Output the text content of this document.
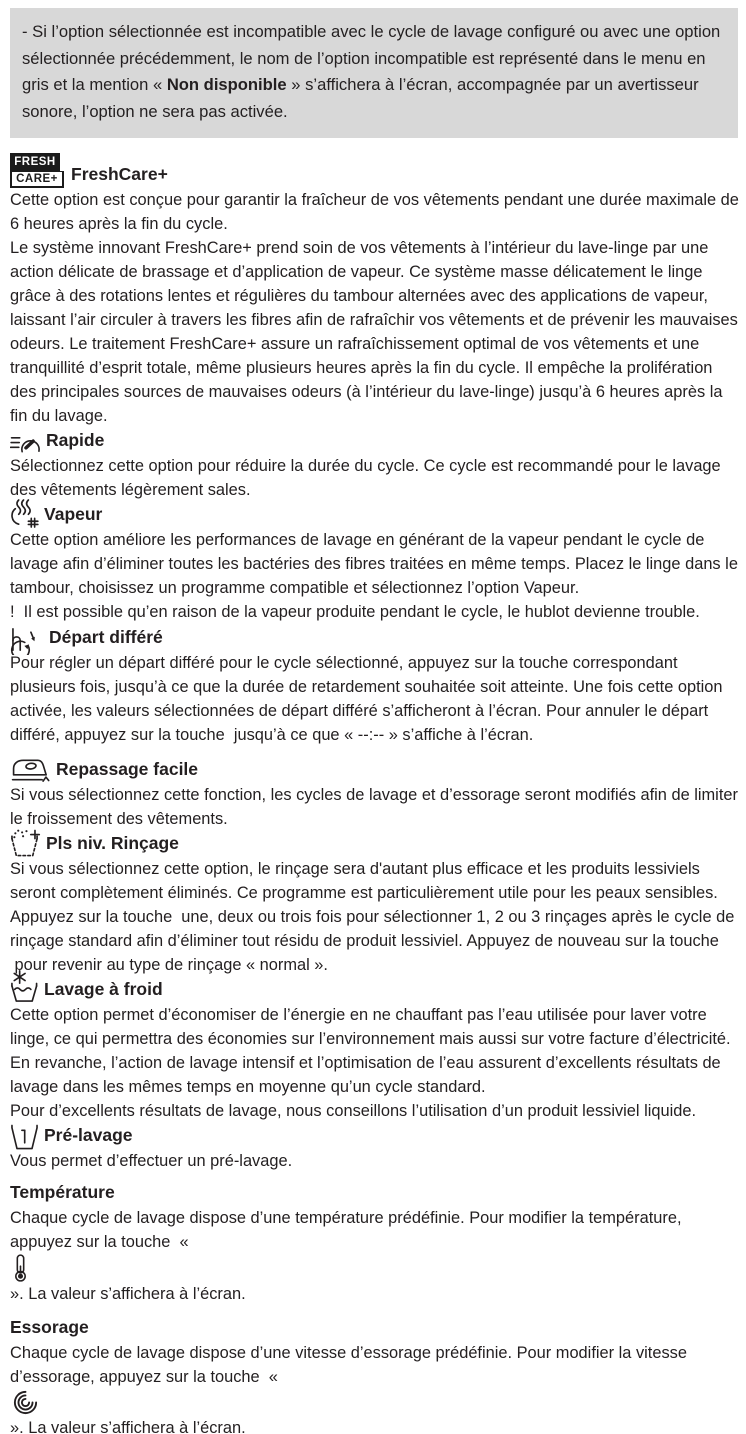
- Si l’option sélectionnée est incompatible avec le cycle de lavage configuré ou avec une option sélectionnée précédemment, le nom de l’option incompatible est représenté dans le menu en gris et la mention « Non disponible » s’affichera à l’écran, accompagnée par un avertisseur sonore, l’option ne sera pas activée.
FRESH
CARE+ FreshCare+

Cette option est conçue pour garantir la fraîcheur de vos vêtements pendant une durée maximale de 6 heures après la fin du cycle.

Le système innovant FreshCare+ prend soin de vos vêtements à l’intérieur du lave-linge par une action délicate de brassage et d’application de vapeur. Ce système masse délicatement le linge grâce à des rotations lentes et régulières du tambour alternées avec des applications de vapeur, laissant l’air circuler à travers les fibres afin de rafraîchir vos vêtements et de prévenir les mauvaises odeurs. Le traitement FreshCare+ assure un rafraîchissement optimal de vos vêtements et une tranquillité d’esprit totale, même plusieurs heures après la fin du cycle. Il empêche la prolifération des principales sources de mauvaises odeurs (à l’intérieur du lave-linge) jusqu’à 6 heures après la fin du lavage.

Rapide

Sélectionnez cette option pour réduire la durée du cycle. Ce cycle est recommandé pour le lavage des vêtements légèrement sales.

Vapeur

Cette option améliore les performances de lavage en générant de la vapeur pendant le cycle de lavage afin d’éliminer toutes les bactéries des fibres traitées en même temps. Placez le linge dans le tambour, choisissez un programme compatible et sélectionnez l’option Vapeur.

!  Il est possible qu’en raison de la vapeur produite pendant le cycle, le hublot devienne trouble.

Départ différé

Pour régler un départ différé pour le cycle sélectionné, appuyez sur la touche correspondant plusieurs fois, jusqu’à ce que la durée de retardement souhaitée soit atteinte. Une fois cette option activée, les valeurs sélectionnées de départ différé s’afficheront à l’écran. Pour annuler le départ différé, appuyez sur la touche  jusqu’à ce que « --:-- » s’affiche à l’écran.

Repassage facile

Si vous sélectionnez cette fonction, les cycles de lavage et d’essorage seront modifiés afin de limiter le froissement des vêtements.

Pls niv. Rinçage

Si vous sélectionnez cette option, le rinçage sera d'autant plus efficace et les produits lessiviels seront complètement éliminés. Ce programme est particulièrement utile pour les peaux sensibles. Appuyez sur la touche  une, deux ou trois fois pour sélectionner 1, 2 ou 3 rinçages après le cycle de rinçage standard afin d’éliminer tout résidu de produit lessiviel. Appuyez de nouveau sur la touche  pour revenir au type de rinçage « normal ».

Lavage à froid

Cette option permet d’économiser de l’énergie en ne chauffant pas l’eau utilisée pour laver votre linge, ce qui permettra des économies sur l’environnement mais aussi sur votre facture d’électricité. En revanche, l’action de lavage intensif et l’optimisation de l’eau assurent d’excellents résultats de lavage dans les mêmes temps en moyenne qu’un cycle standard.

Pour d’excellents résultats de lavage, nous conseillons l’utilisation d’un produit lessiviel liquide.

Pré-lavage

Vous permet d’effectuer un pré-lavage.

Température

Chaque cycle de lavage dispose d’une température prédéfinie. Pour modifier la température, appuyez sur la touche  «
». La valeur s’affichera à l’écran.

Essorage

Chaque cycle de lavage dispose d’une vitesse d’essorage prédéfinie. Pour modifier la vitesse d’essorage, appuyez sur la touche  «
». La valeur s’affichera à l’écran.
